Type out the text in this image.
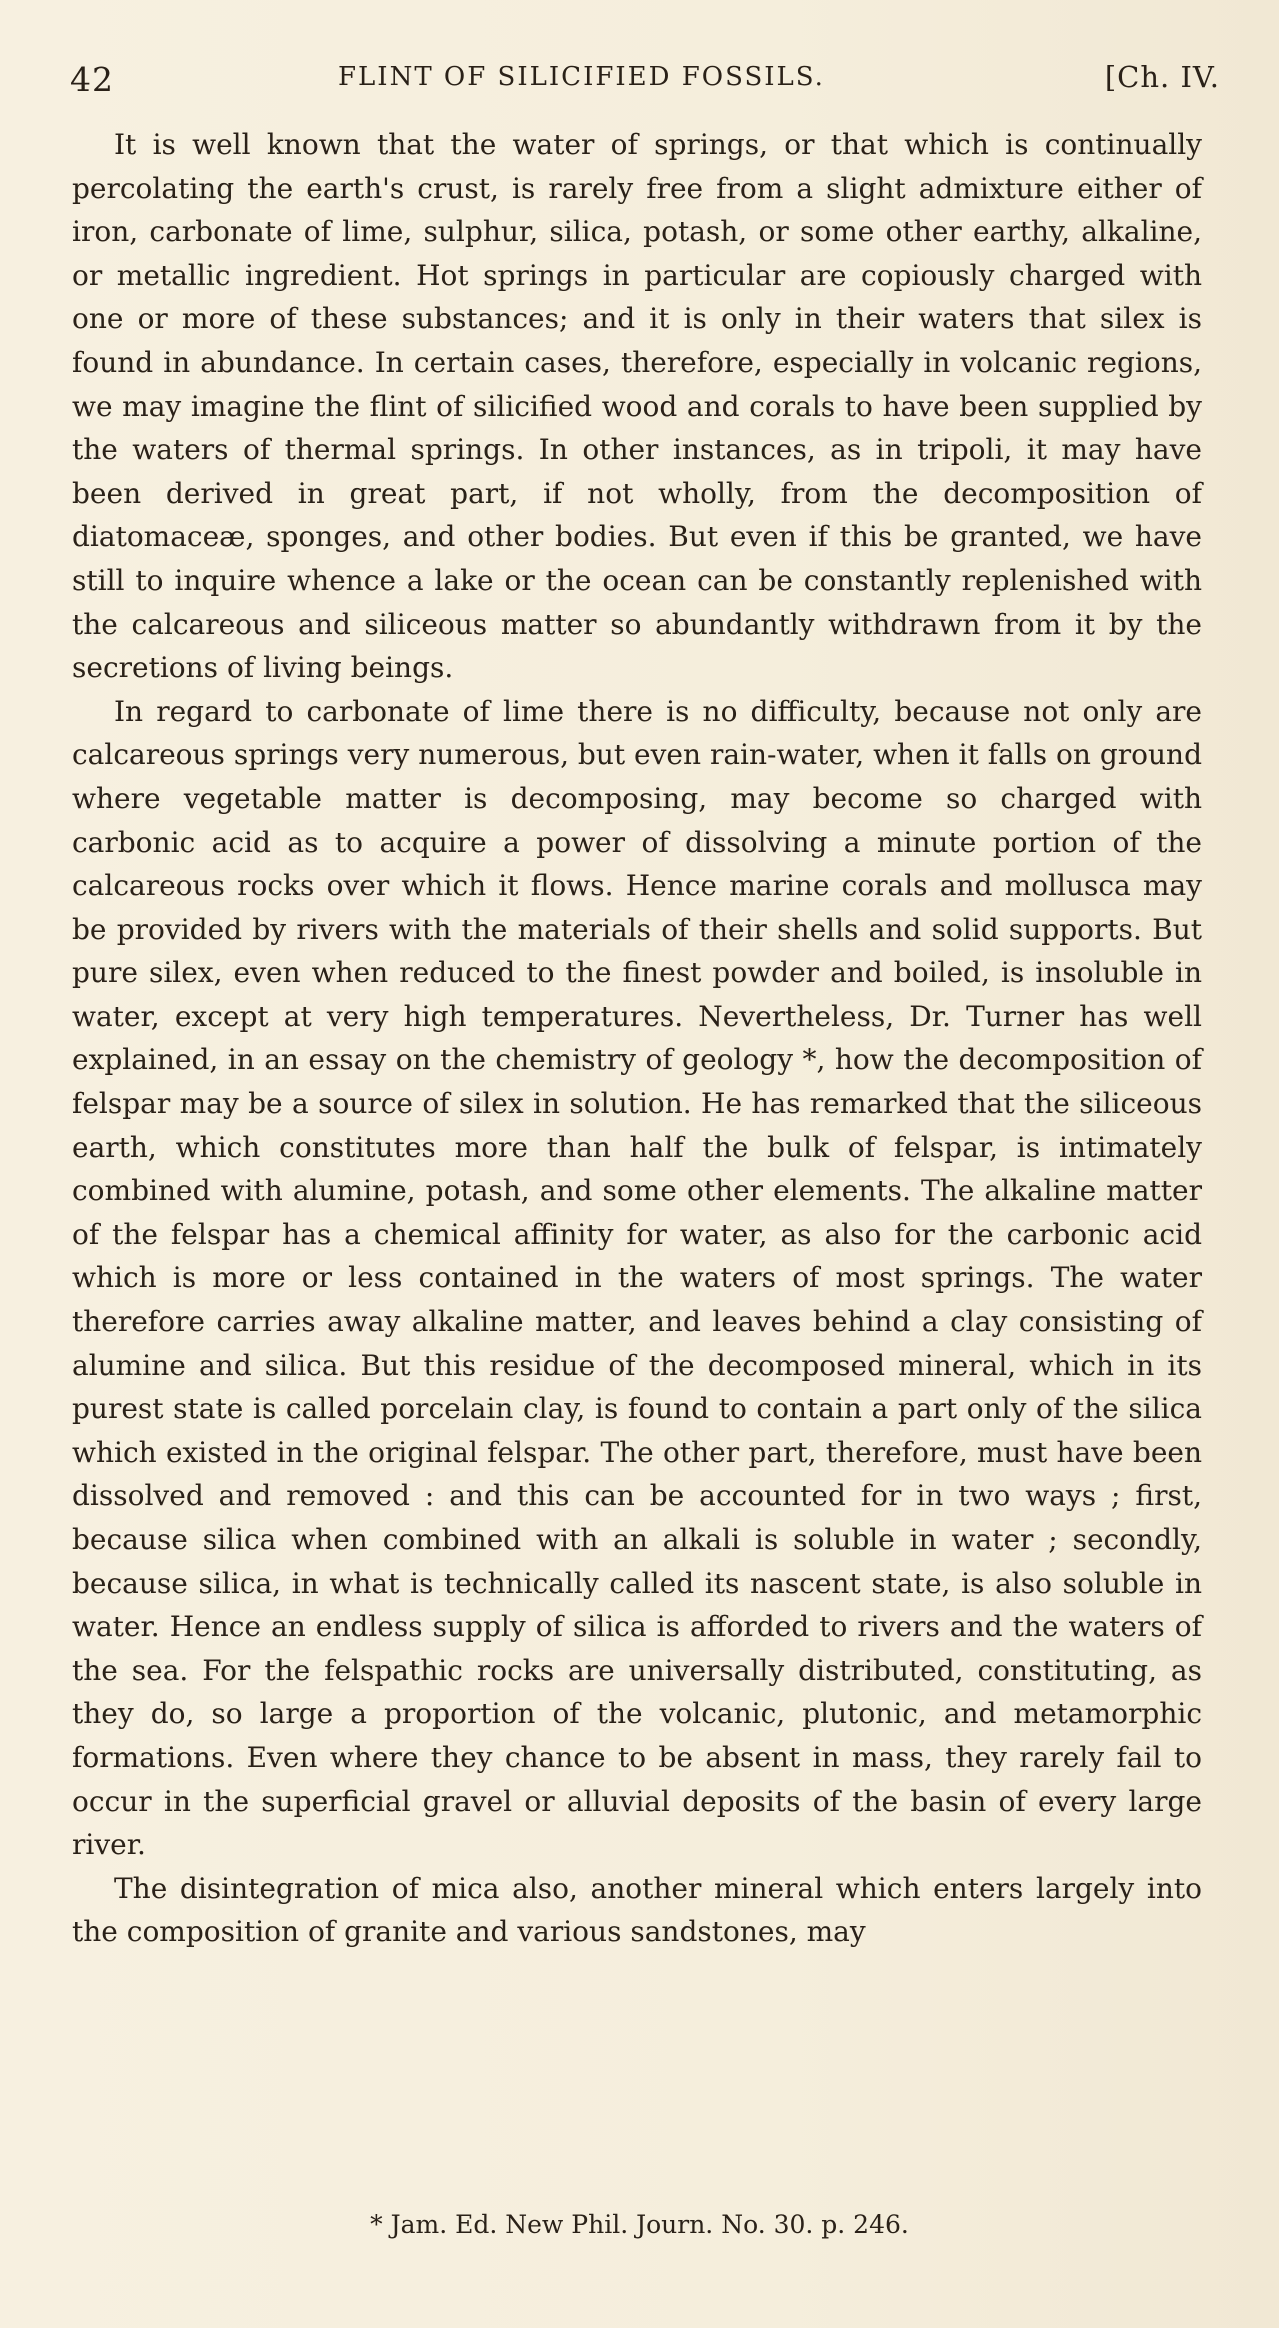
42	FLINT OF SILICIFIED FOSSILS.	[Ch. IV.

It is well known that the water of springs, or that which is continually percolating the earth's crust, is rarely free from a slight admixture either of iron, carbonate of lime, sulphur, silica, potash, or some other earthy, alkaline, or metallic ingredient. Hot springs in particular are copiously charged with one or more of these substances; and it is only in their waters that silex is found in abundance. In certain cases, therefore, especially in volcanic regions, we may imagine the flint of silicified wood and corals to have been supplied by the waters of thermal springs. In other instances, as in tripoli, it may have been derived in great part, if not wholly, from the decomposition of diatomaceæ, sponges, and other bodies. But even if this be granted, we have still to inquire whence a lake or the ocean can be constantly replenished with the calcareous and siliceous matter so abundantly withdrawn from it by the secretions of living beings.

In regard to carbonate of lime there is no difficulty, because not only are calcareous springs very numerous, but even rain-water, when it falls on ground where vegetable matter is decomposing, may become so charged with carbonic acid as to acquire a power of dissolving a minute portion of the calcareous rocks over which it flows. Hence marine corals and mollusca may be provided by rivers with the materials of their shells and solid supports. But pure silex, even when reduced to the finest powder and boiled, is insoluble in water, except at very high temperatures. Nevertheless, Dr. Turner has well explained, in an essay on the chemistry of geology *, how the decomposition of felspar may be a source of silex in solution. He has remarked that the siliceous earth, which constitutes more than half the bulk of felspar, is intimately combined with alumine, potash, and some other elements. The alkaline matter of the felspar has a chemical affinity for water, as also for the carbonic acid which is more or less contained in the waters of most springs. The water therefore carries away alkaline matter, and leaves behind a clay consisting of alumine and silica. But this residue of the decomposed mineral, which in its purest state is called porcelain clay, is found to contain a part only of the silica which existed in the original felspar. The other part, therefore, must have been dissolved and removed : and this can be accounted for in two ways ; first, because silica when combined with an alkali is soluble in water ; secondly, because silica, in what is technically called its nascent state, is also soluble in water. Hence an endless supply of silica is afforded to rivers and the waters of the sea. For the felspathic rocks are universally distributed, constituting, as they do, so large a proportion of the volcanic, plutonic, and metamorphic formations. Even where they chance to be absent in mass, they rarely fail to occur in the superficial gravel or alluvial deposits of the basin of every large river.

The disintegration of mica also, another mineral which enters largely into the composition of granite and various sandstones, may

* Jam. Ed. New Phil. Journ. No. 30. p. 246.
